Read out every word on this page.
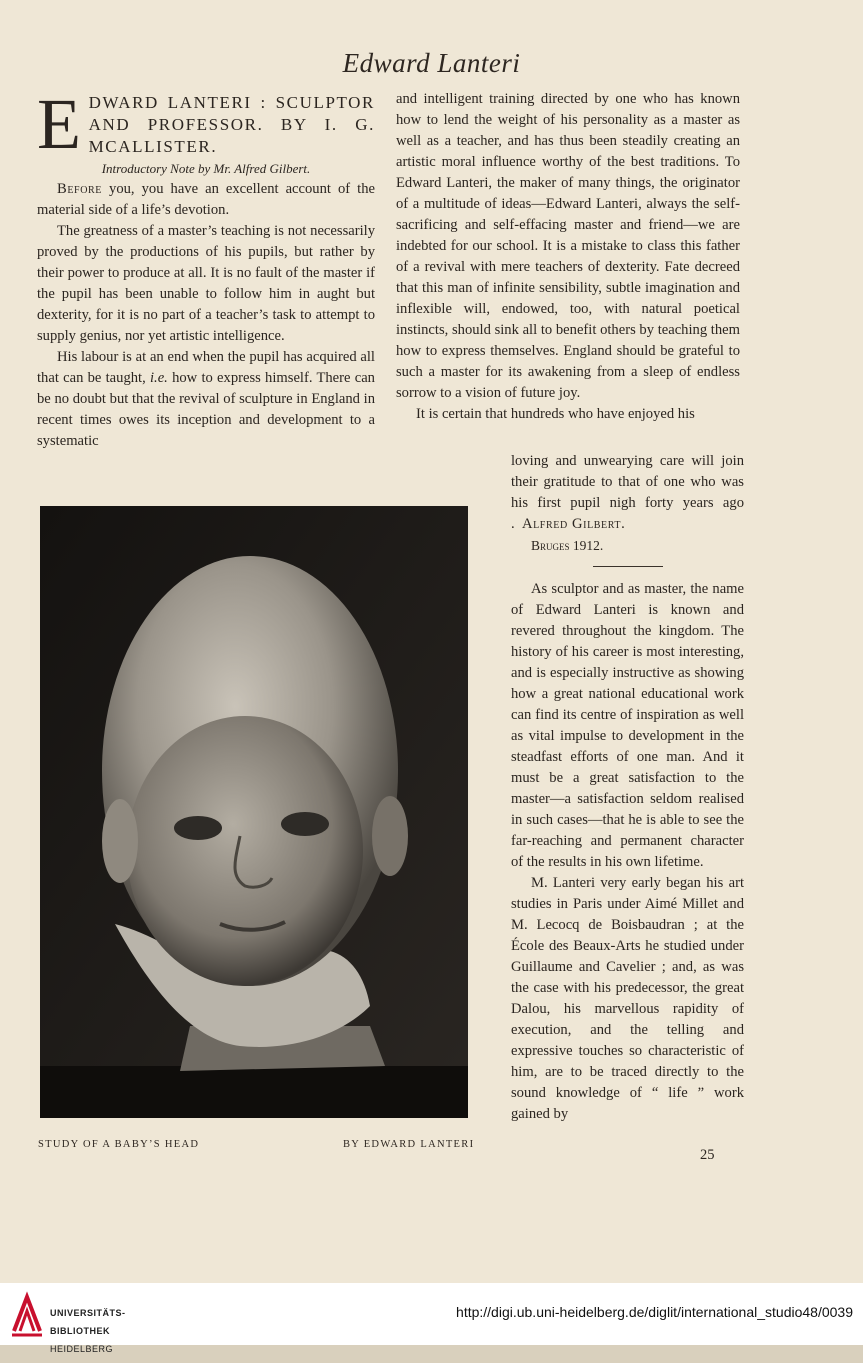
Edward Lanteri
E DWARD LANTERI : SCULPTOR AND PROFESSOR. BY I. G. MCALLISTER.

Introductory Note by Mr. Alfred Gilbert.

Before you, you have an excellent account of the material side of a life’s devotion.

The greatness of a master’s teaching is not necessarily proved by the productions of his pupils, but rather by their power to produce at all. It is no fault of the master if the pupil has been unable to follow him in aught but dexterity, for it is no part of a teacher’s task to attempt to supply genius, nor yet artistic intelligence.

His labour is at an end when the pupil has acquired all that can be taught, i.e. how to express himself. There can be no doubt but that the revival of sculpture in England in recent times owes its inception and development to a systematic

and intelligent training directed by one who has known how to lend the weight of his personality as a master as well as a teacher, and has thus been steadily creating an artistic moral influence worthy of the best traditions. To Edward Lanteri, the maker of many things, the originator of a multitude of ideas—Edward Lanteri, always the self-sacrificing and self-effacing master and friend—we are indebted for our school. It is a mistake to class this father of a revival with mere teachers of dexterity. Fate decreed that this man of infinite sensibility, subtle imagination and inflexible will, endowed, too, with natural poetical instincts, should sink all to benefit others by teaching them how to express themselves. England should be grateful to such a master for its awakening from a sleep of endless sorrow to a vision of future joy.

It is certain that hundreds who have enjoyed his

loving and unwearying care will join their gratitude to that of one who was his first pupil nigh forty years ago . Alfred Gilbert.

Bruges 1912.

As sculptor and as master, the name of Edward Lanteri is known and revered throughout the kingdom. The history of his career is most interesting, and is especially instructive as showing how a great national educational work can find its centre of inspiration as well as vital impulse to development in the steadfast efforts of one man. And it must be a great satisfaction to the master—a satisfaction seldom realised in such cases—that he is able to see the far-reaching and permanent character of the results in his own lifetime.

M. Lanteri very early began his art studies in Paris under Aimé Millet and M. Lecocq de Boisbaudran ; at the École des Beaux-Arts he studied under Guillaume and Cavelier ; and, as was the case with his predecessor, the great Dalou, his marvellous rapidity of execution, and the telling and expressive touches so characteristic of him, are to be traced directly to the sound knowledge of “ life ” work gained by

STUDY OF A BABY’S HEAD	BY EDWARD LANTERI
25

UNIVERSITÄTS-

BIBLIOTHEK

HEIDELBERG

http://digi.ub.uni-heidelberg.de/diglit/international_studio48/0039
